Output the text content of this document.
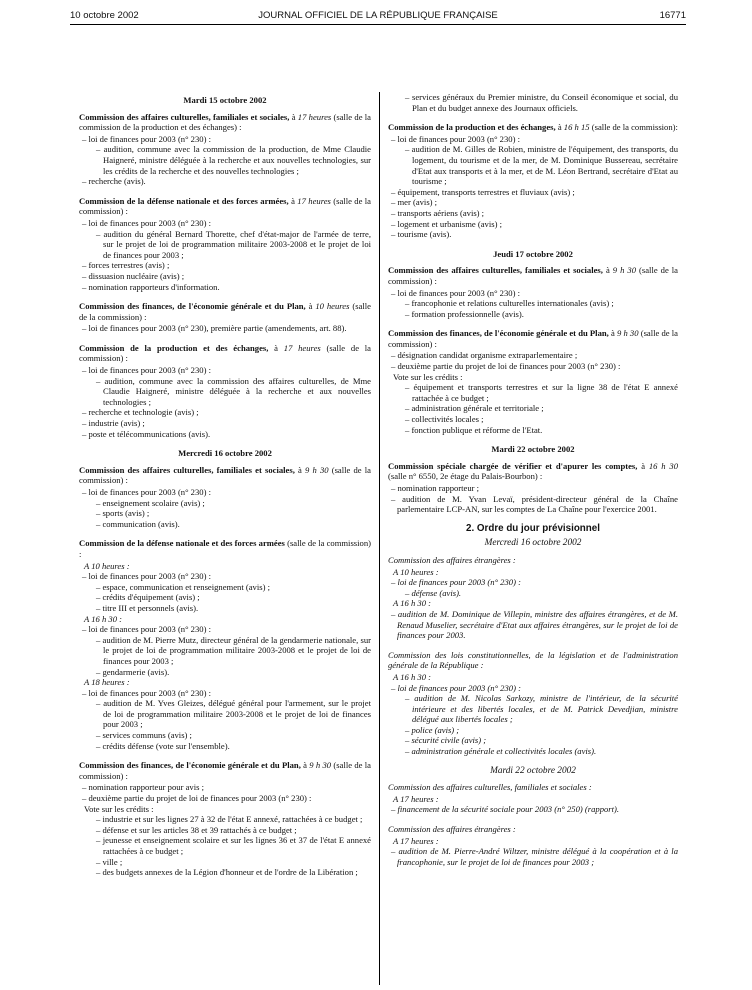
10 octobre 2002	JOURNAL OFFICIEL DE LA RÉPUBLIQUE FRANÇAISE	16771
Mardi 15 octobre 2002

Commission des affaires culturelles, familiales et sociales, à 17 heures (salle de la commission de la production et des échanges) :

– loi de finances pour 2003 (n° 230) :

– audition, commune avec la commission de la production, de Mme Claudie Haigneré, ministre déléguée à la recherche et aux nouvelles technologies, sur les crédits de la recherche et des nouvelles technologies ;

– recherche (avis).

Commission de la défense nationale et des forces armées, à 17 heures (salle de la commission) :

– loi de finances pour 2003 (n° 230) :

– audition du général Bernard Thorette, chef d'état-major de l'armée de terre, sur le projet de loi de programmation militaire 2003-2008 et le projet de loi de finances pour 2003 ;

– forces terrestres (avis) ;

– dissuasion nucléaire (avis) ;

– nomination rapporteurs d'information.

Commission des finances, de l'économie générale et du Plan, à 10 heures (salle de la commission) :

– loi de finances pour 2003 (n° 230), première partie (amendements, art. 88).

Commission de la production et des échanges, à 17 heures (salle de la commission) :

– loi de finances pour 2003 (n° 230) :

– audition, commune avec la commission des affaires culturelles, de Mme Claudie Haigneré, ministre déléguée à la recherche et aux nouvelles technologies ;

– recherche et technologie (avis) ;

– industrie (avis) ;

– poste et télécommunications (avis).

Mercredi 16 octobre 2002

Commission des affaires culturelles, familiales et sociales, à 9 h 30 (salle de la commission) :

– loi de finances pour 2003 (n° 230) :

– enseignement scolaire (avis) ;

– sports (avis) ;

– communication (avis).

Commission de la défense nationale et des forces armées (salle de la commission) :

A 10 heures :

– loi de finances pour 2003 (n° 230) :

– espace, communication et renseignement (avis) ;

– crédits d'équipement (avis) ;

– titre III et personnels (avis).

A 16 h 30 :

– loi de finances pour 2003 (n° 230) :

– audition de M. Pierre Mutz, directeur général de la gendarmerie nationale, sur le projet de loi de programmation militaire 2003-2008 et le projet de loi de finances pour 2003 ;

– gendarmerie (avis).

A 18 heures :

– loi de finances pour 2003 (n° 230) :

– audition de M. Yves Gleizes, délégué général pour l'armement, sur le projet de loi de programmation militaire 2003-2008 et le projet de loi de finances pour 2003 ;

– services communs (avis) ;

– crédits défense (vote sur l'ensemble).

Commission des finances, de l'économie générale et du Plan, à 9 h 30 (salle de la commission) :

– nomination rapporteur pour avis ;

– deuxième partie du projet de loi de finances pour 2003 (n° 230) :

Vote sur les crédits :

– industrie et sur les lignes 27 à 32 de l'état E annexé, rattachées à ce budget ;

– défense et sur les articles 38 et 39 rattachés à ce budget ;

– jeunesse et enseignement scolaire et sur les lignes 36 et 37 de l'état E annexé rattachées à ce budget ;

– ville ;

– des budgets annexes de la Légion d'honneur et de l'ordre de la Libération ;

– services généraux du Premier ministre, du Conseil économique et social, du Plan et du budget annexe des Journaux officiels.

Commission de la production et des échanges, à 16 h 15 (salle de la commission):

– loi de finances pour 2003 (n° 230) :

– audition de M. Gilles de Robien, ministre de l'équipement, des transports, du logement, du tourisme et de la mer, de M. Dominique Bussereau, secrétaire d'Etat aux transports et à la mer, et de M. Léon Bertrand, secrétaire d'Etat au tourisme ;

– équipement, transports terrestres et fluviaux (avis) ;

– mer (avis) ;

– transports aériens (avis) ;

– logement et urbanisme (avis) ;

– tourisme (avis).

Jeudi 17 octobre 2002

Commission des affaires culturelles, familiales et sociales, à 9 h 30 (salle de la commission) :

– loi de finances pour 2003 (n° 230) :

– francophonie et relations culturelles internationales (avis) ;

– formation professionnelle (avis).

Commission des finances, de l'économie générale et du Plan, à 9 h 30 (salle de la commission) :

– désignation candidat organisme extraparlementaire ;

– deuxième partie du projet de loi de finances pour 2003 (n° 230) :

Vote sur les crédits :

– équipement et transports terrestres et sur la ligne 38 de l'état E annexé rattachée à ce budget ;

– administration générale et territoriale ;

– collectivités locales ;

– fonction publique et réforme de l'Etat.

Mardi 22 octobre 2002

Commission spéciale chargée de vérifier et d'apurer les comptes, à 16 h 30 (salle n° 6550, 2e étage du Palais-Bourbon) :

– nomination rapporteur ;

– audition de M. Yvan Levaï, président-directeur général de la Chaîne parlementaire LCP-AN, sur les comptes de La Chaîne pour l'exercice 2001.

2. Ordre du jour prévisionnel
Mercredi 16 octobre 2002

Commission des affaires étrangères :

A 10 heures :

– loi de finances pour 2003 (n° 230) :

– défense (avis).

A 16 h 30 :

– audition de M. Dominique de Villepin, ministre des affaires étrangères, et de M. Renaud Muselier, secrétaire d'Etat aux affaires étrangères, sur le projet de loi de finances pour 2003.

Commission des lois constitutionnelles, de la législation et de l'administration générale de la République :

A 16 h 30 :

– loi de finances pour 2003 (n° 230) :

– audition de M. Nicolas Sarkozy, ministre de l'intérieur, de la sécurité intérieure et des libertés locales, et de M. Patrick Devedjian, ministre délégué aux libertés locales ;

– police (avis) ;

– sécurité civile (avis) ;

– administration générale et collectivités locales (avis).

Mardi 22 octobre 2002

Commission des affaires culturelles, familiales et sociales :

A 17 heures :

– financement de la sécurité sociale pour 2003 (n° 250) (rapport).

Commission des affaires étrangères :

A 17 heures :

– audition de M. Pierre-André Wiltzer, ministre délégué à la coopération et à la francophonie, sur le projet de loi de finances pour 2003 ;
